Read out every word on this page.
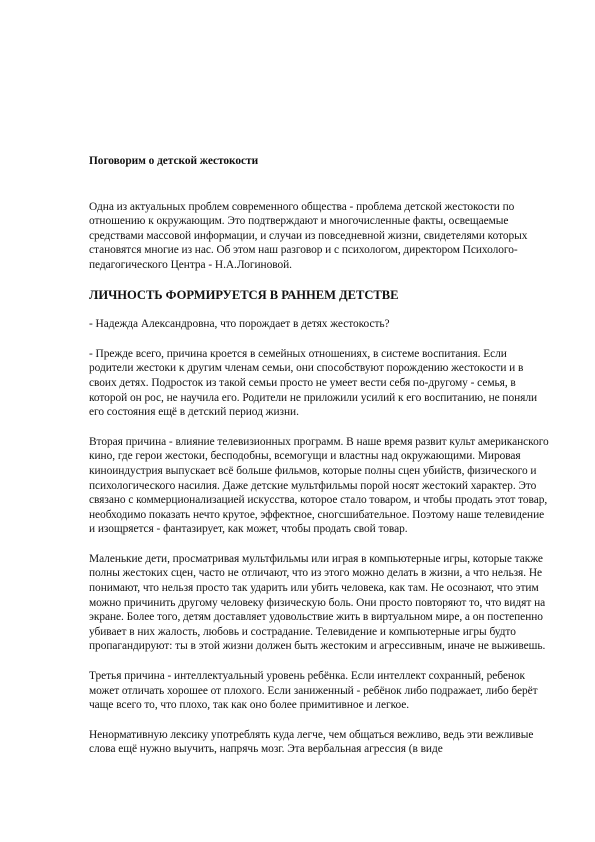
Поговорим о детской жестокости

Одна из актуальных проблем современного общества - проблема детской жестокости по отношению к окружающим. Это подтверждают и многочисленные факты, освещаемые средствами массовой информации, и случаи из повседневной жизни, свидетелями которых становятся многие из нас. Об этом наш разговор и с психологом, директором Психолого-педагогического Центра - Н.А.Логиновой.

ЛИЧНОСТЬ ФОРМИРУЕТСЯ В РАННЕМ ДЕТСТВЕ

- Надежда Александровна, что порождает в детях жестокость?

- Прежде всего, причина кроется в семейных отношениях, в системе воспитания. Если родители жестоки к другим членам семьи, они способствуют порождению жестокости и в своих детях. Подросток из такой семьи просто не умеет вести себя по-другому - семья, в которой он рос, не научила его. Родители не приложили усилий к его воспитанию, не поняли его состояния ещё в детский период жизни.

Вторая причина - влияние телевизионных программ. В наше время развит культ американского кино, где герои жестоки, бесподобны, всемогущи и властны над окружающими. Мировая киноиндустрия выпускает всё больше фильмов, которые полны сцен убийств, физического и психологического насилия. Даже детские мультфильмы порой носят жестокий характер. Это связано с коммерционализацией искусства, которое стало товаром, и чтобы продать этот товар, необходимо показать нечто крутое, эффектное, сногсшибательное. Поэтому наше телевидение и изощряется - фантазирует, как может, чтобы продать свой товар.

Маленькие дети, просматривая мультфильмы или играя в компьютерные игры, которые также полны жестоких сцен, часто не отличают, что из этого можно делать в жизни, а что нельзя. Не понимают, что нельзя просто так ударить или убить человека, как там. Не осознают, что этим можно причинить другому человеку физическую боль. Они просто повторяют то, что видят на экране. Более того, детям доставляет удовольствие жить в виртуальном мире, а он постепенно убивает в них жалость, любовь и сострадание. Телевидение и компьютерные игры будто пропагандируют: ты в этой жизни должен быть жестоким и агрессивным, иначе не выживешь.

Третья причина - интеллектуальный уровень ребёнка. Если интеллект сохранный, ребенок может отличать хорошее от плохого. Если заниженный - ребёнок либо подражает, либо берёт чаще всего то, что плохо, так как оно более примитивное и легкое.

Ненормативную лексику употреблять куда легче, чем общаться вежливо, ведь эти вежливые слова ещё нужно выучить, напрячь мозг. Эта вербальная агрессия (в виде
